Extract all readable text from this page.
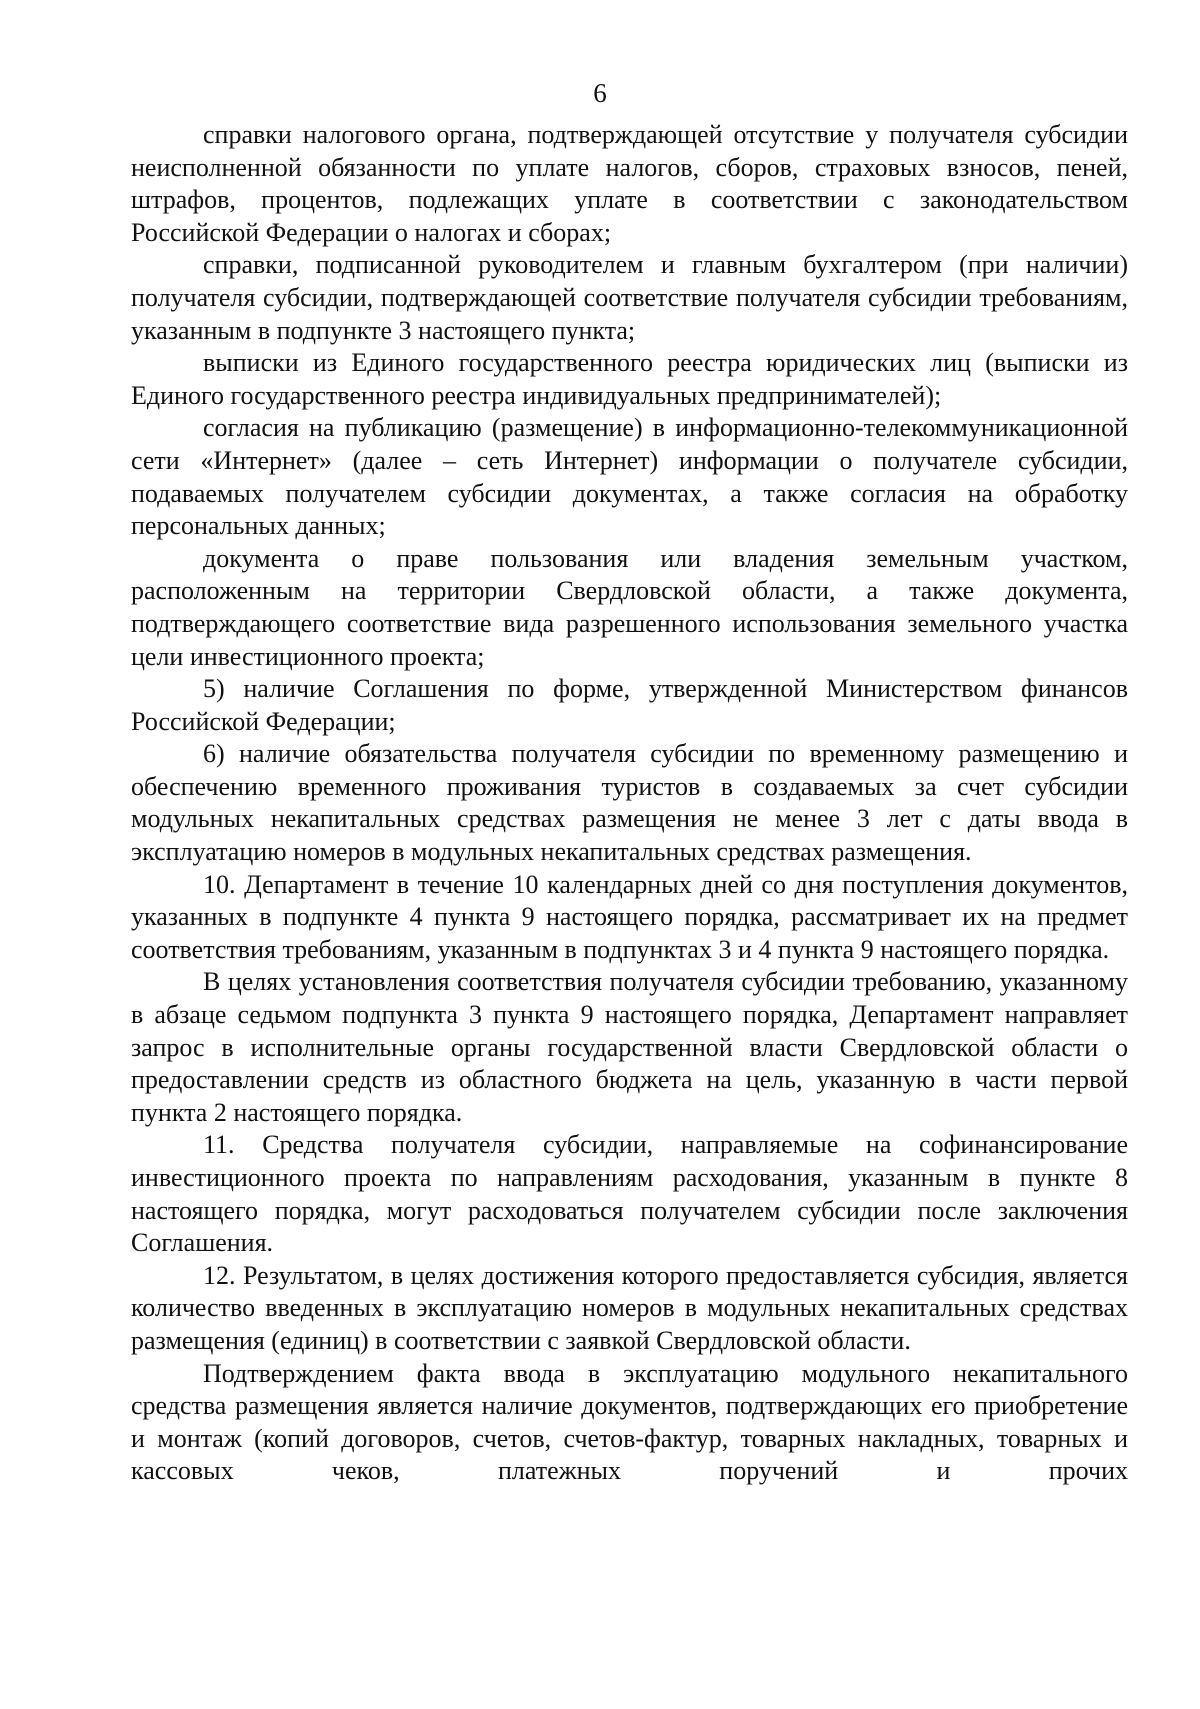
6

справки налогового органа, подтверждающей отсутствие у получателя субсидии неисполненной обязанности по уплате налогов, сборов, страховых взносов, пеней, штрафов, процентов, подлежащих уплате в соответствии с законодательством Российской Федерации о налогах и сборах;

справки, подписанной руководителем и главным бухгалтером (при наличии) получателя субсидии, подтверждающей соответствие получателя субсидии требованиям, указанным в подпункте 3 настоящего пункта;

выписки из Единого государственного реестра юридических лиц (выписки из Единого государственного реестра индивидуальных предпринимателей);

согласия на публикацию (размещение) в информационно-телекоммуникационной сети «Интернет» (далее – сеть Интернет) информации о получателе субсидии, подаваемых получателем субсидии документах, а также согласия на обработку персональных данных;

документа о праве пользования или владения земельным участком, расположенным на территории Свердловской области, а также документа, подтверждающего соответствие вида разрешенного использования земельного участка цели инвестиционного проекта;

5) наличие Соглашения по форме, утвержденной Министерством финансов Российской Федерации;

6) наличие обязательства получателя субсидии по временному размещению и обеспечению временного проживания туристов в создаваемых за счет субсидии модульных некапитальных средствах размещения не менее 3 лет с даты ввода в эксплуатацию номеров в модульных некапитальных средствах размещения.

10. Департамент в течение 10 календарных дней со дня поступления документов, указанных в подпункте 4 пункта 9 настоящего порядка, рассматривает их на предмет соответствия требованиям, указанным в подпунктах 3 и 4 пункта 9 настоящего порядка.

В целях установления соответствия получателя субсидии требованию, указанному в абзаце седьмом подпункта 3 пункта 9 настоящего порядка, Департамент направляет запрос в исполнительные органы государственной власти Свердловской области о предоставлении средств из областного бюджета на цель, указанную в части первой пункта 2 настоящего порядка.

11. Средства получателя субсидии, направляемые на софинансирование инвестиционного проекта по направлениям расходования, указанным в пункте 8 настоящего порядка, могут расходоваться получателем субсидии после заключения Соглашения.

12. Результатом, в целях достижения которого предоставляется субсидия, является количество введенных в эксплуатацию номеров в модульных некапитальных средствах размещения (единиц) в соответствии с заявкой Свердловской области.

Подтверждением факта ввода в эксплуатацию модульного некапитального средства размещения является наличие документов, подтверждающих его приобретение и монтаж (копий договоров, счетов, счетов-фактур, товарных накладных, товарных и кассовых чеков, платежных поручений и прочих
